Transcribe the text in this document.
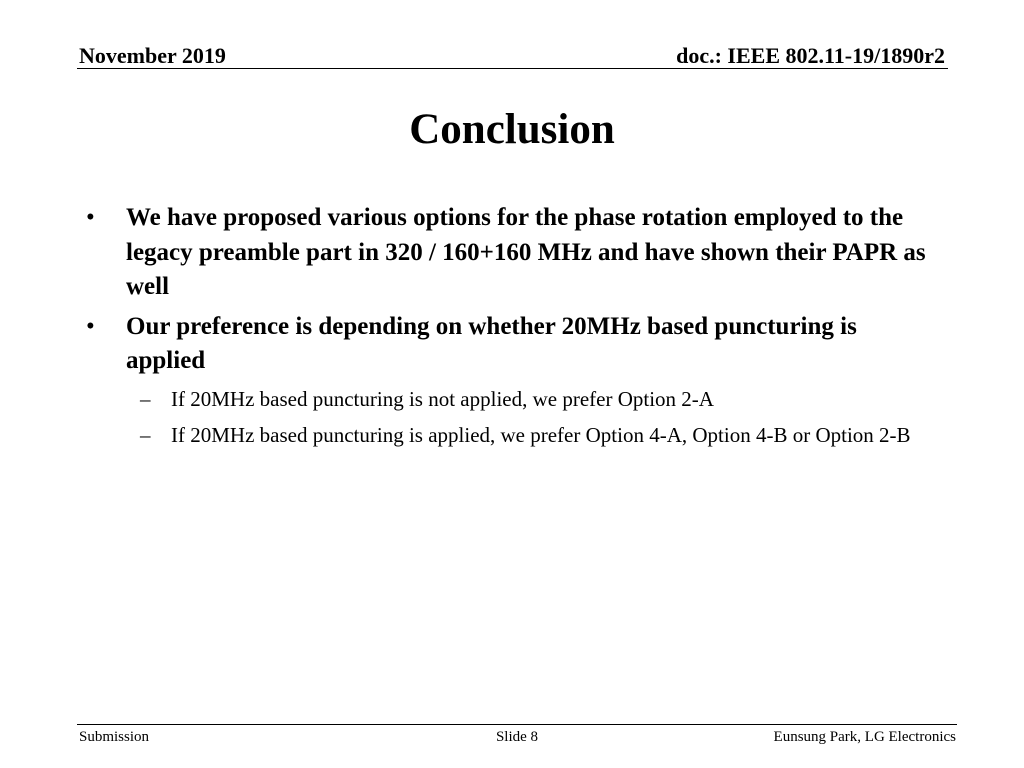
November 2019	doc.: IEEE 802.11-19/1890r2
Conclusion
• We have proposed various options for the phase rotation employed to the legacy preamble part in 320 / 160+160 MHz and have shown their PAPR as well
• Our preference is depending on whether 20MHz based puncturing is applied
– If 20MHz based puncturing is not applied, we prefer Option 2-A
– If 20MHz based puncturing is applied, we prefer Option 4-A, Option 4-B or Option 2-B
Submission	Slide 8	Eunsung Park, LG Electronics
